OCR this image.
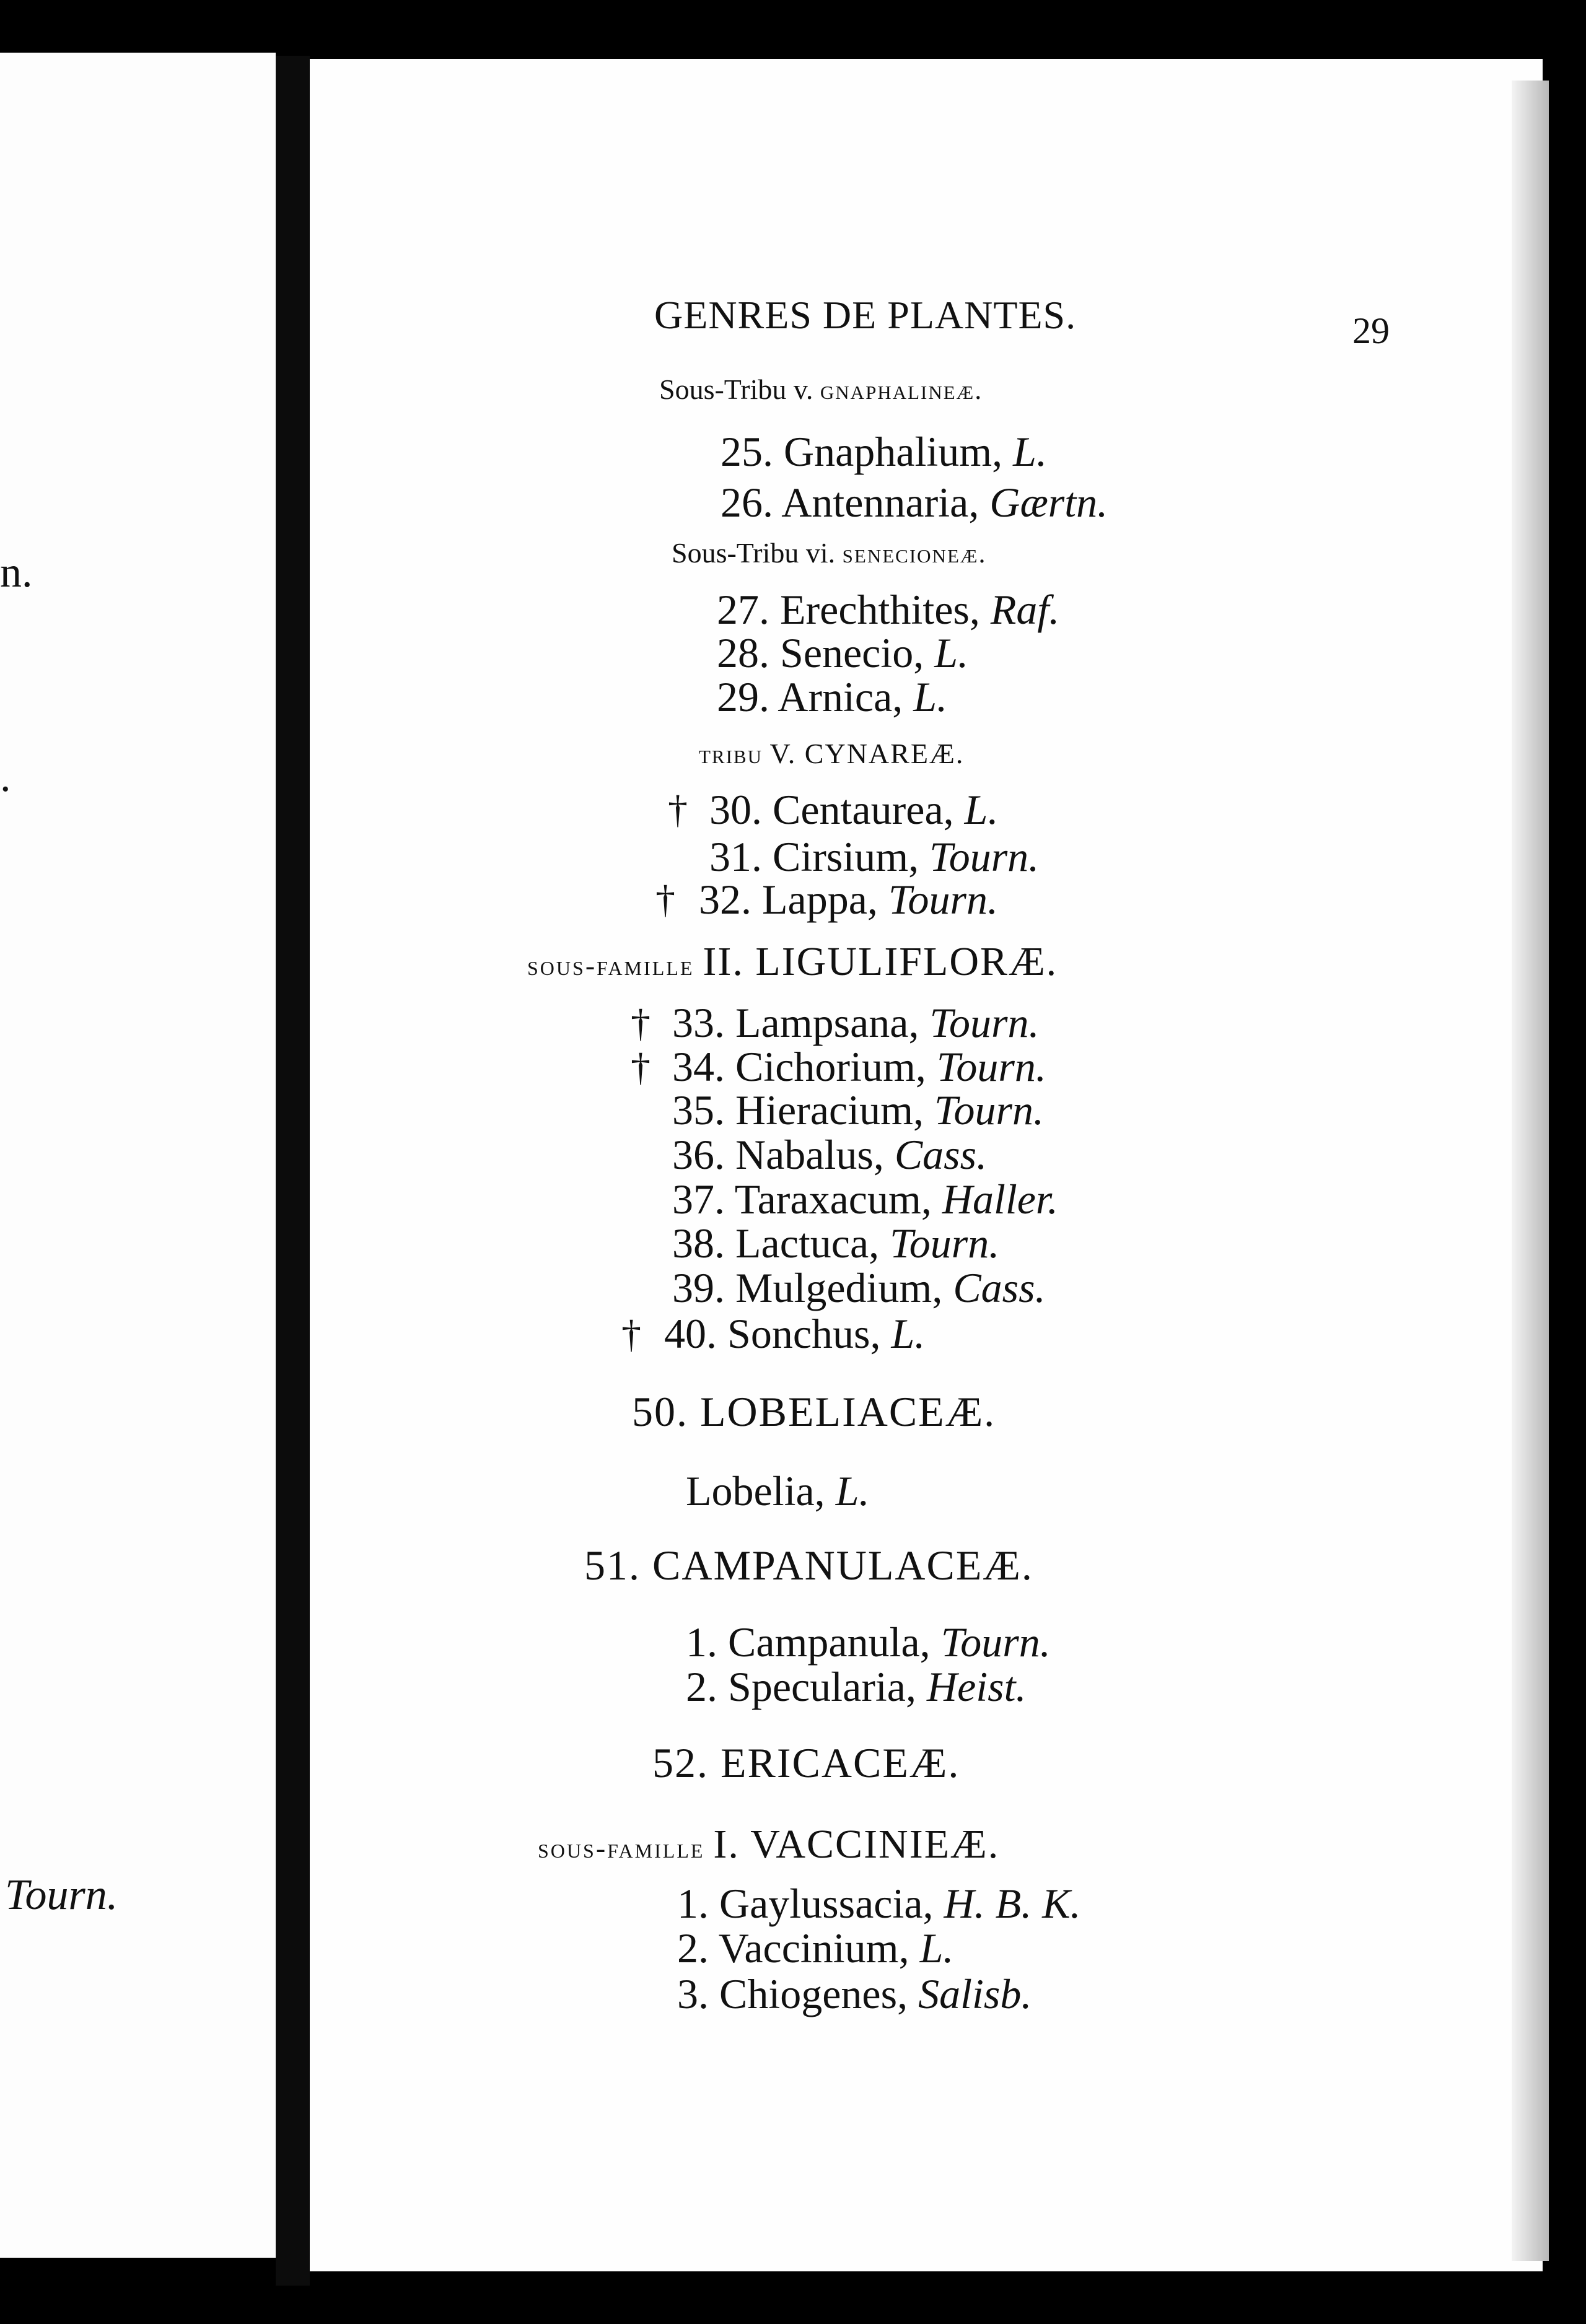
n.
.
Tourn.
GENRES DE PLANTES.	29
Sous-Tribu v. gnaphalineæ.
25. Gnaphalium, L.
26. Antennaria, Gærtn.
Sous-Tribu vi. senecioneæ.
27. Erechthites, Raf.
28. Senecio, L.
29. Arnica, L.
tribu V. CYNAREÆ.
† 30. Centaurea, L.
31. Cirsium, Tourn.
† 32. Lappa, Tourn.
sous-famille II. LIGULIFLORÆ.
† 33. Lampsana, Tourn.
† 34. Cichorium, Tourn.
35. Hieracium, Tourn.
36. Nabalus, Cass.
37. Taraxacum, Haller.
38. Lactuca, Tourn.
39. Mulgedium, Cass.
† 40. Sonchus, L.
50. LOBELIACEÆ.
Lobelia, L.
51. CAMPANULACEÆ.
1. Campanula, Tourn.
2. Specularia, Heist.
52. ERICACEÆ.
sous-famille I. VACCINIEÆ.
1. Gaylussacia, H. B. K.
2. Vaccinium, L.
3. Chiogenes, Salisb.
